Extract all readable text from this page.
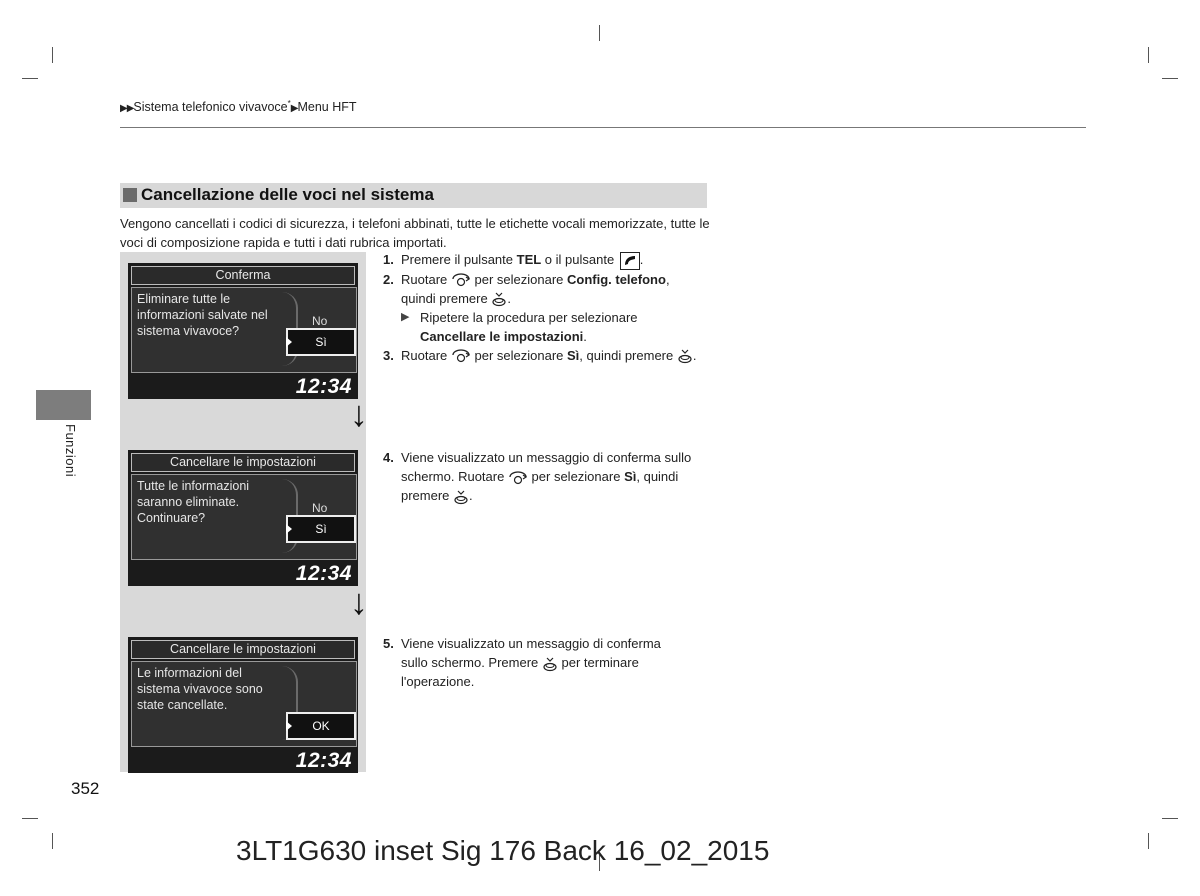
▶▶Sistema telefonico vivavoce*▶Menu HFT
Funzioni
Cancellazione delle voci nel sistema
Vengono cancellati i codici di sicurezza, i telefoni abbinati, tutte le etichette vocali memorizzate, tutte le voci di composizione rapida e tutti i dati rubrica importati.
Conferma
Eliminare tutte le informazioni salvate nel sistema vivavoce?
No
Sì
12:34
↓
Cancellare le impostazioni
Tutte le informazioni saranno eliminate. Continuare?
No
Sì
12:34
↓
Cancellare le impostazioni
Le informazioni del sistema vivavoce sono state cancellate.
OK
12:34
1. Premere il pulsante TEL o il pulsante
.
2. Ruotare  per selezionare Config. telefono,
quindi premere .
▶ Ripetere la procedura per selezionare
Cancellare le impostazioni.
3. Ruotare  per selezionare Sì, quindi premere .
4. Viene visualizzato un messaggio di conferma sullo schermo. Ruotare  per selezionare Sì, quindi premere .
5. Viene visualizzato un messaggio di conferma sullo schermo. Premere  per terminare l'operazione.
352
3LT1G630 inset Sig 176 Back 16_02_2015
